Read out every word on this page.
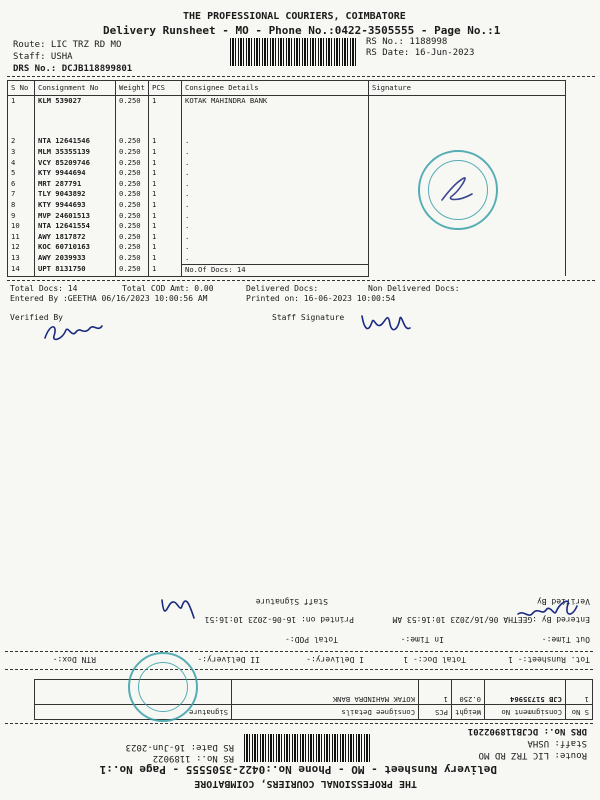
THE PROFESSIONAL COURIERS, COIMBATORE
Delivery Runsheet - MO - Phone No.:0422-3505555 - Page No.:1
Route: LIC TRZ RD MO
Staff: USHA
DRS No.: DCJB118899801
RS No.: 1188998
RS Date: 16-Jun-2023
S No	Consignment No	Weight	PCS	Consignee Details	Signature
1	KLM 539027	0.250	1	KOTAK MAHINDRA BANK	
2	NTA 12641546	0.250	1	.	
3	MLM 35355139	0.250	1	.	
4	VCY 85209746	0.250	1	.	
5	KTY 9944694	0.250	1	.	
6	MRT 287791	0.250	1	.	
7	TLY 9043892	0.250	1	.	
8	KTY 9944693	0.250	1	.	
9	MVP 24601513	0.250	1	.	
10	NTA 12641554	0.250	1	.	
11	AWY 1817872	0.250	1	.	
12	KOC 60710163	0.250	1	.	
13	AWY 2039933	0.250	1	.	
14	UPT 8131750	0.250	1	No.Of Docs: 14	
Total Docs: 14	Total COD Amt: 0.00	Delivered Docs:	Non Delivered Docs:
Entered By :GEETHA 06/16/2023 10:00:56 AM	Printed on: 16-06-2023 10:00:54
Verified By	Staff Signature
THE PROFESSIONAL COURIERS, COIMBATORE
Delivery Runsheet - MO - Phone No.:0422-3505555 - Page No.:1
Route: LIC TRZ RD MO
Staff: USHA
DRS No.: DCJB118902201
RS No.: 1189022
RS Date: 16-Jun-2023
S No	Consignment No	Weight	PCS	Consignee Details	Signature
1	CJB 51735964	0.250	1	KOTAK MAHINDRA BANK	
Tot. Runsheet:- 1
Total Doc:- 1
I Delivery:-
II Delivery:-
RTN Dox:-
Out Time:-
In Time:-
Total POD:-
Entered By :GEETHA 06/16/2023 10:16:53 AM
Printed on: 16-06-2023 10:16:51
Verified By
Staff Signature
